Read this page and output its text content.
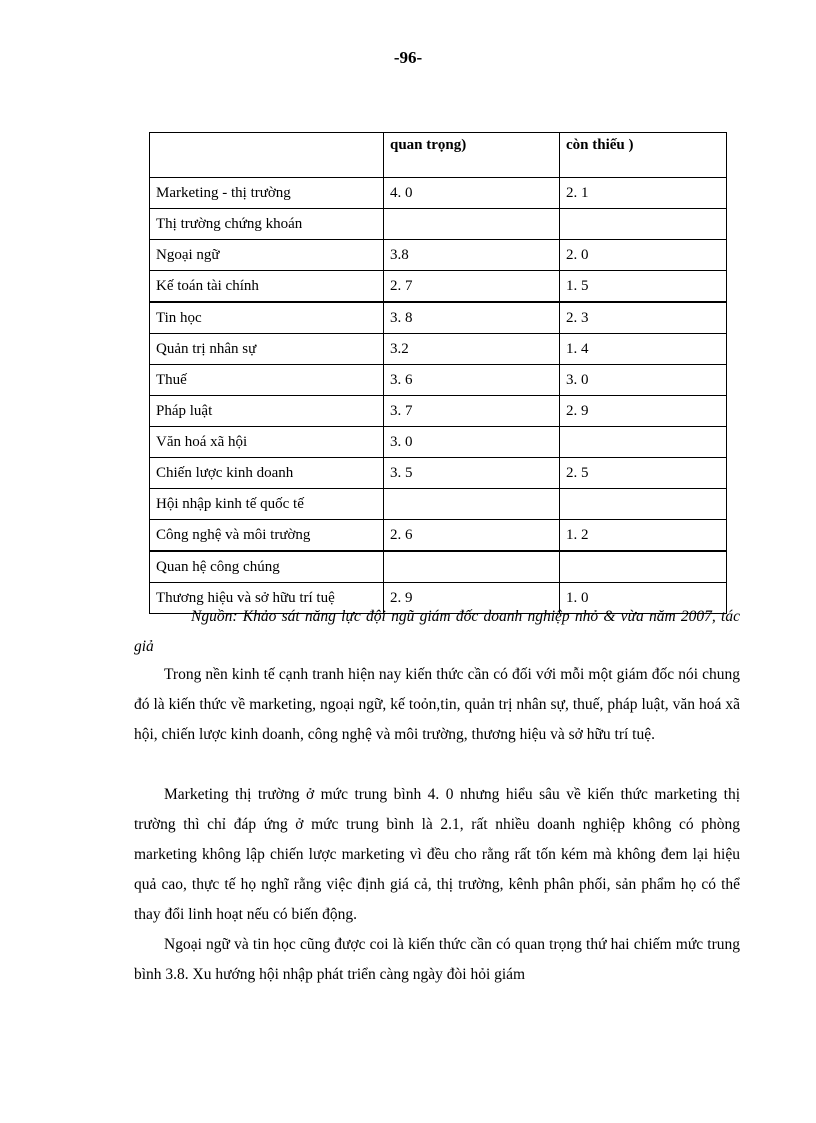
-96-
	quan trọng)	còn thiếu )
Marketing - thị trường	4. 0	2. 1
Thị trường chứng khoán		
Ngoại ngữ	3.8	2. 0
Kế toán tài chính	2. 7	1. 5
Tin học	3. 8	2. 3
Quản trị nhân sự	3.2	1. 4
Thuế	3. 6	3. 0
Pháp luật	3. 7	2. 9
Văn hoá xã hội	3. 0	
Chiến lược kinh doanh	3. 5	2. 5
Hội nhập kinh tế quốc tế		
Công nghệ và môi trường	2. 6	1. 2
Quan hệ công chúng		
Thương hiệu và sở hữu trí tuệ	2. 9	1. 0
Nguồn: Khảo sát năng lực đội ngũ giám đốc doanh nghiệp nhỏ & vừa năm 2007, tác giả

Trong nền kinh tế cạnh tranh hiện nay kiến thức cần có đối với mỗi một giám đốc nói chung đó là kiến thức về marketing, ngoại ngữ, kế toỏn,tin, quản trị nhân sự, thuế, pháp luật, văn hoá xã hội, chiến lược kinh doanh, công nghệ và môi trường, thương hiệu và sở hữu trí tuệ.

Marketing thị trường ở mức trung bình 4. 0 nhưng hiểu sâu về kiến thức marketing thị trường thì chỉ đáp ứng ở mức trung bình là 2.1, rất nhiều doanh nghiệp không có phòng marketing không lập chiến lược marketing vì đều cho rằng rất tốn kém mà không đem lại hiệu quả cao, thực tế họ nghĩ rằng việc định giá cả, thị trường, kênh phân phối, sản phẩm họ có thể thay đổi linh hoạt nếu có biến động.

Ngoại ngữ và tin học cũng được coi là kiến thức cần có quan trọng thứ hai chiếm mức trung bình 3.8. Xu hướng hội nhập phát triển càng ngày đòi hỏi giám
